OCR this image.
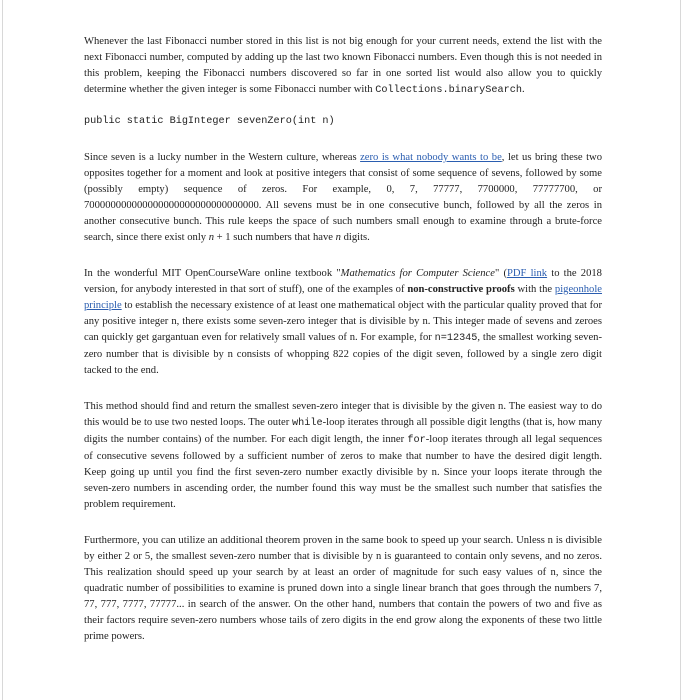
Whenever the last Fibonacci number stored in this list is not big enough for your current needs, extend the list with the next Fibonacci number, computed by adding up the last two known Fibonacci numbers. Even though this is not needed in this problem, keeping the Fibonacci numbers discovered so far in one sorted list would also allow you to quickly determine whether the given integer is some Fibonacci number with Collections.binarySearch.

public static BigInteger sevenZero(int n)

Since seven is a lucky number in the Western culture, whereas zero is what nobody wants to be, let us bring these two opposites together for a moment and look at positive integers that consist of some sequence of sevens, followed by some (possibly empty) sequence of zeros. For example, 0, 7, 77777, 7700000, 77777700, or 700000000000000000000000000000000. All sevens must be in one consecutive bunch, followed by all the zeros in another consecutive bunch. This rule keeps the space of such numbers small enough to examine through a brute-force search, since there exist only n + 1 such numbers that have n digits.

In the wonderful MIT OpenCourseWare online textbook "Mathematics for Computer Science" (PDF link to the 2018 version, for anybody interested in that sort of stuff), one of the examples of non-constructive proofs with the pigeonhole principle to establish the necessary existence of at least one mathematical object with the particular quality proved that for any positive integer n, there exists some seven-zero integer that is divisible by n. This integer made of sevens and zeroes can quickly get gargantuan even for relatively small values of n. For example, for n=12345, the smallest working seven-zero number that is divisible by n consists of whopping 822 copies of the digit seven, followed by a single zero digit tacked to the end.

This method should find and return the smallest seven-zero integer that is divisible by the given n. The easiest way to do this would be to use two nested loops. The outer while-loop iterates through all possible digit lengths (that is, how many digits the number contains) of the number. For each digit length, the inner for-loop iterates through all legal sequences of consecutive sevens followed by a sufficient number of zeros to make that number to have the desired digit length. Keep going up until you find the first seven-zero number exactly divisible by n. Since your loops iterate through the seven-zero numbers in ascending order, the number found this way must be the smallest such number that satisfies the problem requirement.

Furthermore, you can utilize an additional theorem proven in the same book to speed up your search. Unless n is divisible by either 2 or 5, the smallest seven-zero number that is divisible by n is guaranteed to contain only sevens, and no zeros. This realization should speed up your search by at least an order of magnitude for such easy values of n, since the quadratic number of possibilities to examine is pruned down into a single linear branch that goes through the numbers 7, 77, 777, 7777, 77777... in search of the answer. On the other hand, numbers that contain the powers of two and five as their factors require seven-zero numbers whose tails of zero digits in the end grow along the exponents of these two little prime powers.
